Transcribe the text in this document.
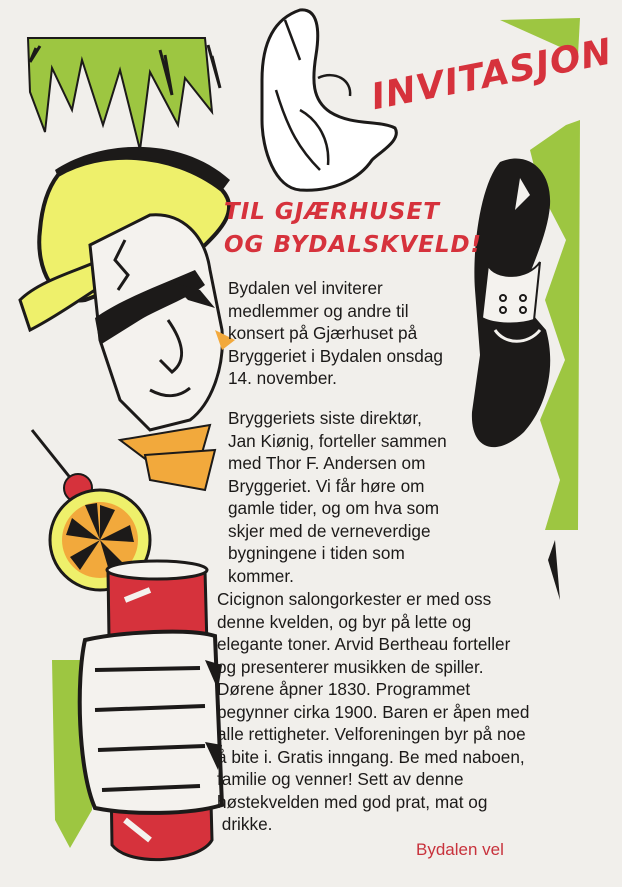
INVITASJON
TIL GJÆRHUSET
OG BYDALSKVELD!

Bydalen vel inviterer
medlemmer og andre til
konsert på Gjærhuset på
Bryggeriet i Bydalen onsdag
14. november.

Bryggeriets siste direktør,
Jan Kiønig, forteller sammen
med Thor F. Andersen om
Bryggeriet. Vi får høre om
gamle tider, og om hva som
skjer med de verneverdige
bygningene i tiden som
kommer.

Cicignon salongorkester er med oss
denne kvelden, og byr på lette og
elegante toner. Arvid Bertheau forteller
og presenterer musikken de spiller.
Dørene åpner 1830. Programmet
begynner cirka 1900. Baren er åpen med
alle rettigheter. Velforeningen byr på noe
å bite i. Gratis inngang. Be med naboen,
familie og venner! Sett av denne
høstekvelden med god prat, mat og
drikke.

Bydalen vel
